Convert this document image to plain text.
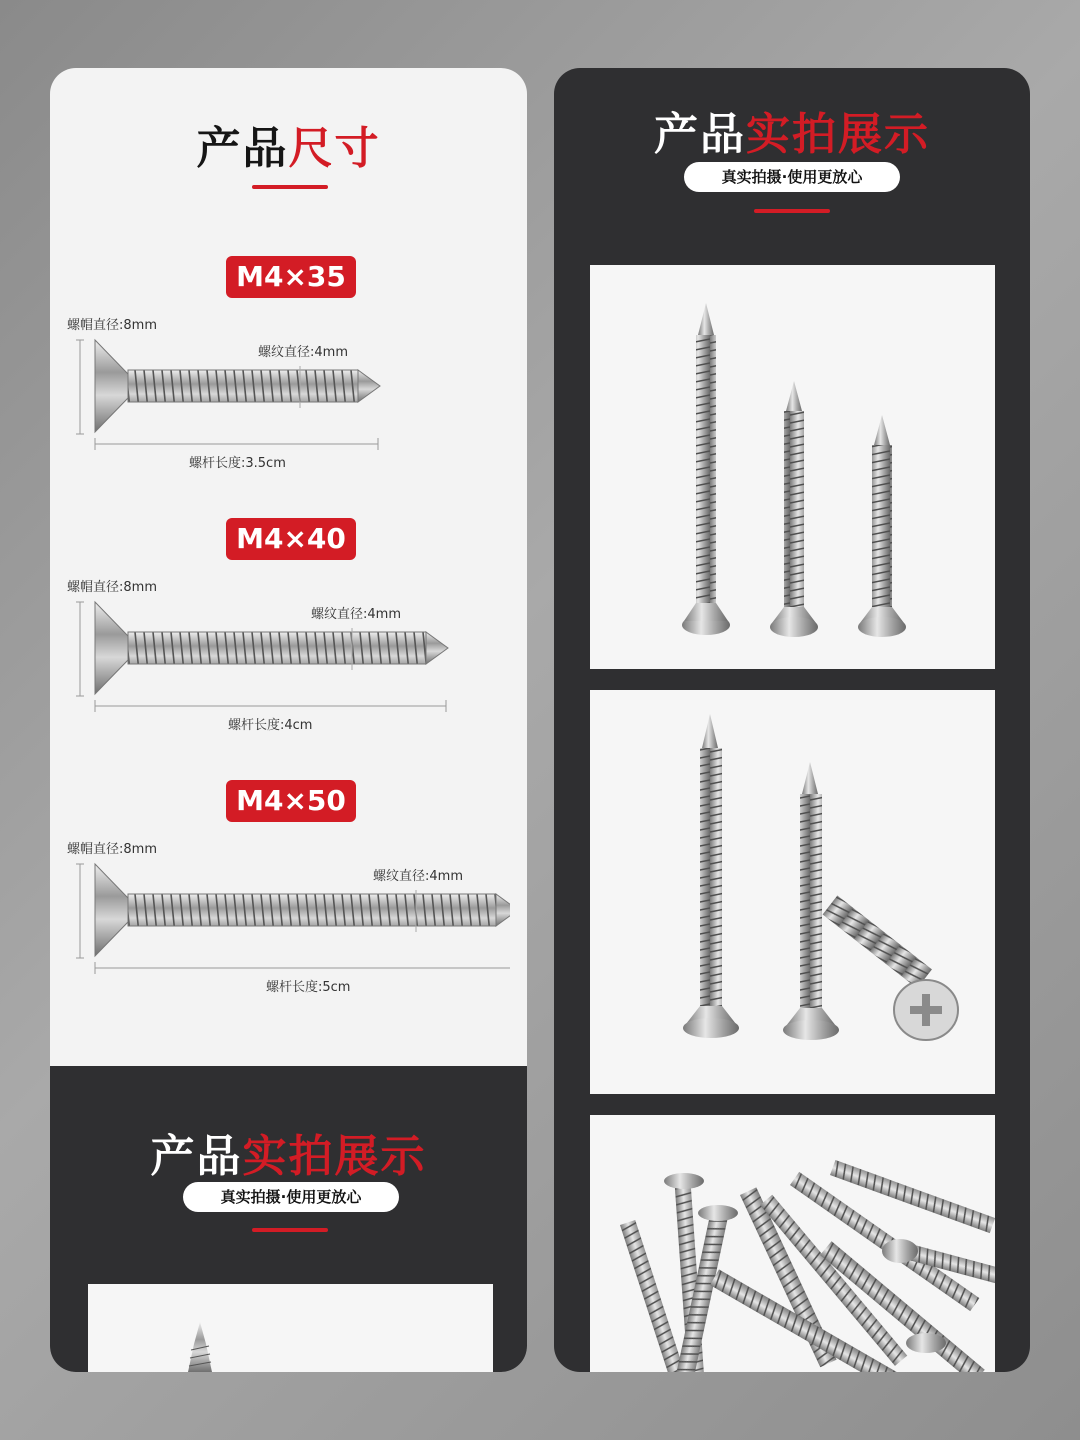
产品尺寸
M4×35
螺帽直径:8mm
螺纹直径:4mm
螺杆长度:3.5cm
M4×40
螺帽直径:8mm
螺纹直径:4mm
螺杆长度:4cm
M4×50
螺帽直径:8mm
螺纹直径:4mm
螺杆长度:5cm
产品实拍展示
真实拍摄·使用更放心
产品实拍展示
真实拍摄·使用更放心
